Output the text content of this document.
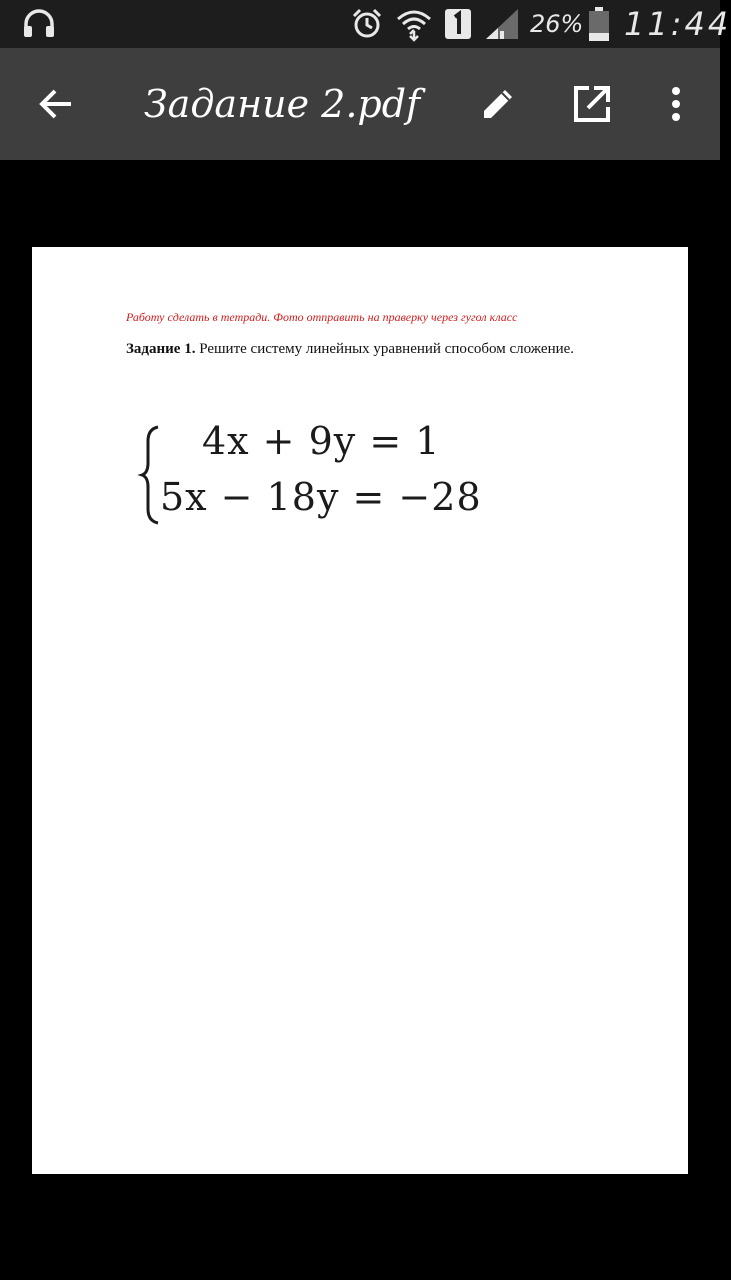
26% 11:44
Задание 2.pdf
Работу сделать в тетради. Фото отправить на праверку через гугол класс
Задание 1. Решите систему линейных уравнений способом сложение.
4x + 9y = 1
5x − 18y = −28
